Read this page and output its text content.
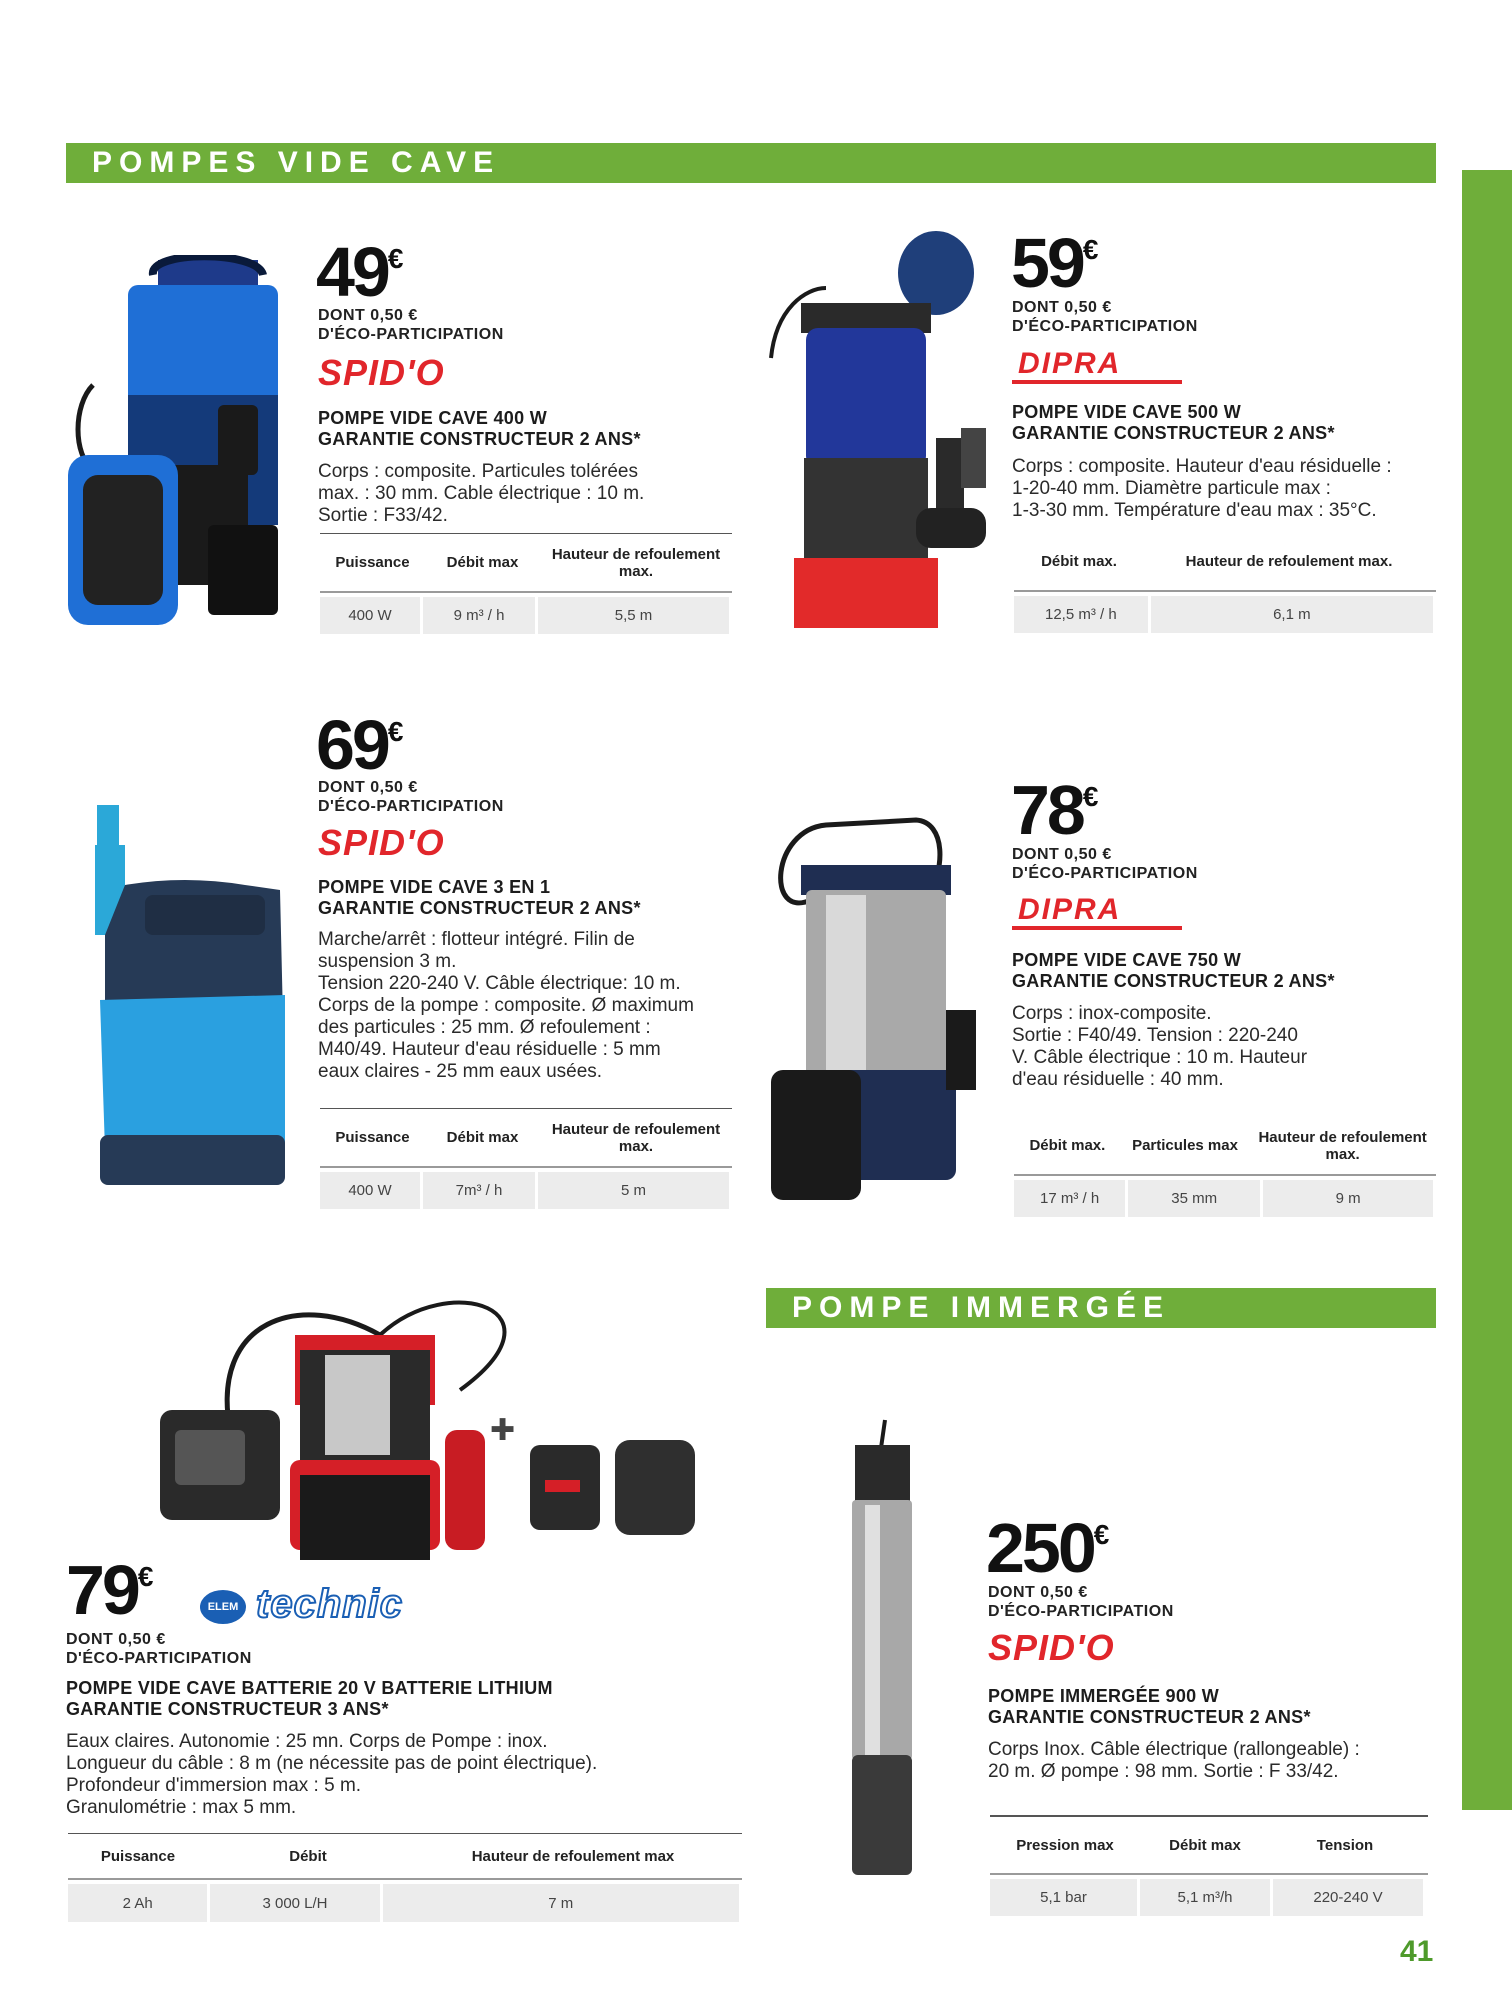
POMPES VIDE CAVE
POMPE IMMERGÉE
49€
DONT 0,50 €
D'ÉCO-PARTICIPATION
SPID'O
POMPE VIDE CAVE 400 W
GARANTIE CONSTRUCTEUR 2 ANS*
Corps : composite. Particules tolérées
max. : 30 mm. Cable électrique : 10 m.
Sortie : F33/42.
Puissance	Débit max	Hauteur de refoulement max.
400 W	9 m³ / h	5,5 m
59€
DONT 0,50 €
D'ÉCO-PARTICIPATION
DIPRA
POMPE VIDE CAVE 500 W
GARANTIE CONSTRUCTEUR 2 ANS*
Corps : composite. Hauteur d'eau résiduelle :
1-20-40 mm. Diamètre particule max :
1-3-30 mm. Température d'eau max : 35°C.
Débit max.	Hauteur de refoulement max.
12,5 m³ / h	6,1 m
69€
DONT 0,50 €
D'ÉCO-PARTICIPATION
SPID'O
POMPE VIDE CAVE 3 EN 1
GARANTIE CONSTRUCTEUR 2 ANS*
Marche/arrêt : flotteur intégré. Filin de
suspension 3 m.
Tension 220-240 V. Câble électrique: 10 m.
Corps de la pompe : composite. Ø maximum
des particules : 25 mm. Ø refoulement :
M40/49. Hauteur d'eau résiduelle : 5 mm
eaux claires - 25 mm eaux usées.
Puissance	Débit max	Hauteur de refoulement max.
400 W	7m³ / h	5 m
78€
DONT 0,50 €
D'ÉCO-PARTICIPATION
DIPRA
POMPE VIDE CAVE 750 W
GARANTIE CONSTRUCTEUR 2 ANS*
Corps : inox-composite.
Sortie : F40/49. Tension : 220-240
V. Câble électrique : 10 m. Hauteur
d'eau résiduelle : 40 mm.
Débit max.	Particules max	Hauteur de refoulement max.
17 m³ / h	35 mm	9 m
✚
79€
ELEM technic
DONT 0,50 €
D'ÉCO-PARTICIPATION
POMPE VIDE CAVE BATTERIE 20 V BATTERIE LITHIUM
GARANTIE CONSTRUCTEUR 3 ANS*
Eaux claires. Autonomie : 25 mn. Corps de Pompe : inox.
Longueur du câble : 8 m (ne nécessite pas de point électrique).
Profondeur d'immersion max : 5 m.
Granulométrie : max 5 mm.
Puissance	Débit	Hauteur de refoulement max
2 Ah	3 000 L/H	7 m
250€
DONT 0,50 €
D'ÉCO-PARTICIPATION
SPID'O
POMPE IMMERGÉE 900 W
GARANTIE CONSTRUCTEUR 2 ANS*
Corps Inox. Câble électrique (rallongeable) :
20 m. Ø pompe : 98 mm. Sortie : F 33/42.
Pression max	Débit max	Tension
5,1 bar	5,1 m³/h	220-240 V
41
